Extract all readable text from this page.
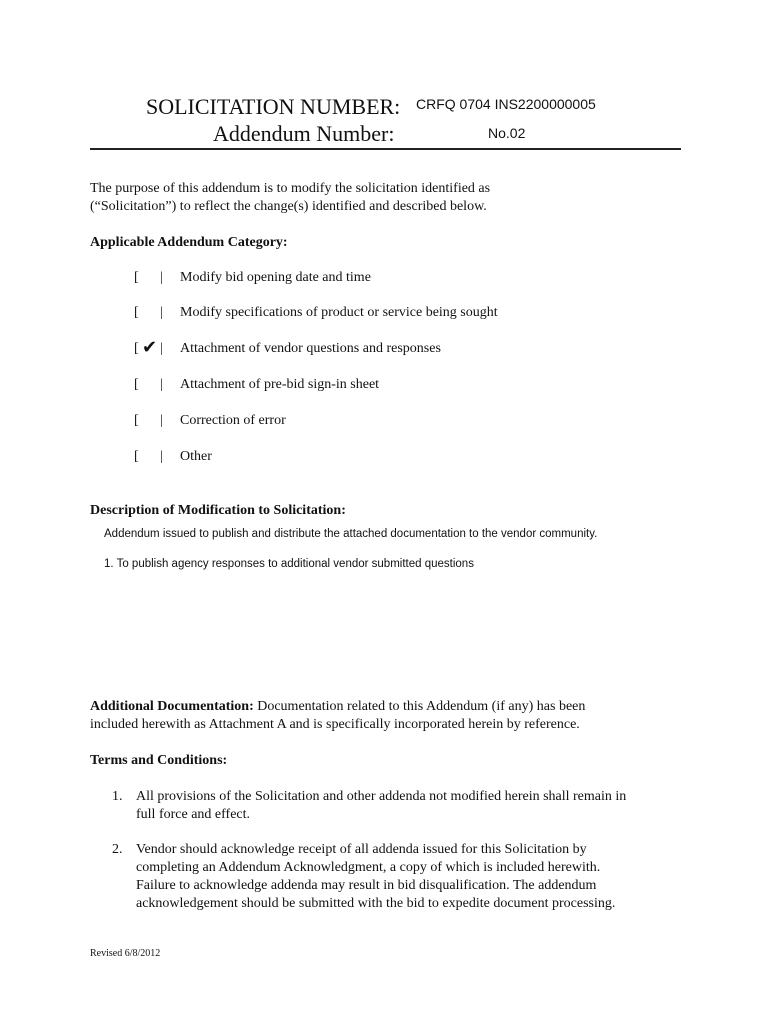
SOLICITATION NUMBER: CRFQ 0704 INS2200000005
Addendum Number:	No.02
The purpose of this addendum is to modify the solicitation identified as
(“Solicitation”) to reflect the change(s) identified and described below.
Applicable Addendum Category:
[ | Modify bid opening date and time
[ | Modify specifications of product or service being sought
[ ✔ | Attachment of vendor questions and responses
[ | Attachment of pre-bid sign-in sheet
[ | Correction of error
[ | Other
Description of Modification to Solicitation:
Addendum issued to publish and distribute the attached documentation to the vendor community.
1. To publish agency responses to additional vendor submitted questions
Additional Documentation: Documentation related to this Addendum (if any) has been
included herewith as Attachment A and is specifically incorporated herein by reference.
Terms and Conditions:
1. All provisions of the Solicitation and other addenda not modified herein shall remain in
full force and effect.
2. Vendor should acknowledge receipt of all addenda issued for this Solicitation by
completing an Addendum Acknowledgment, a copy of which is included herewith.
Failure to acknowledge addenda may result in bid disqualification. The addendum
acknowledgement should be submitted with the bid to expedite document processing.
Revised 6/8/2012
